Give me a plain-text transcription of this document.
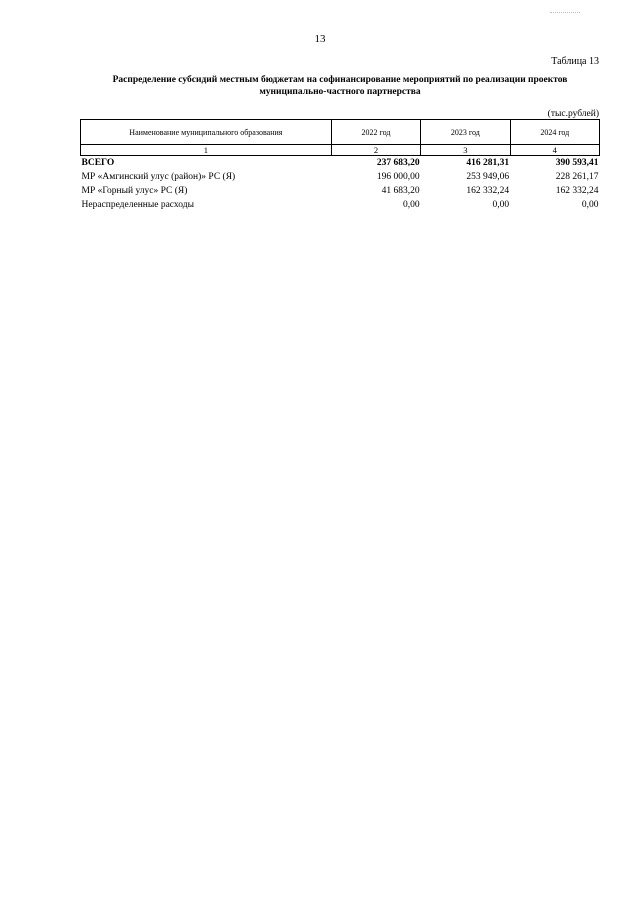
13
Таблица 13
Распределение субсидий местным бюджетам на софинансирование мероприятий по реализации проектов
муниципально-частного партнерства
(тыс.рублей)
Наименование муниципального образования	2022 год	2023 год	2024 год
1	2	3	4
ВСЕГО	237 683,20	416 281,31	390 593,41
МР «Амгинский улус (район)» РС (Я)	196 000,00	253 949,06	228 261,17
МР «Горный улус» РС (Я)	41 683,20	162 332,24	162 332,24
Нераспределенные расходы	0,00	0,00	0,00
